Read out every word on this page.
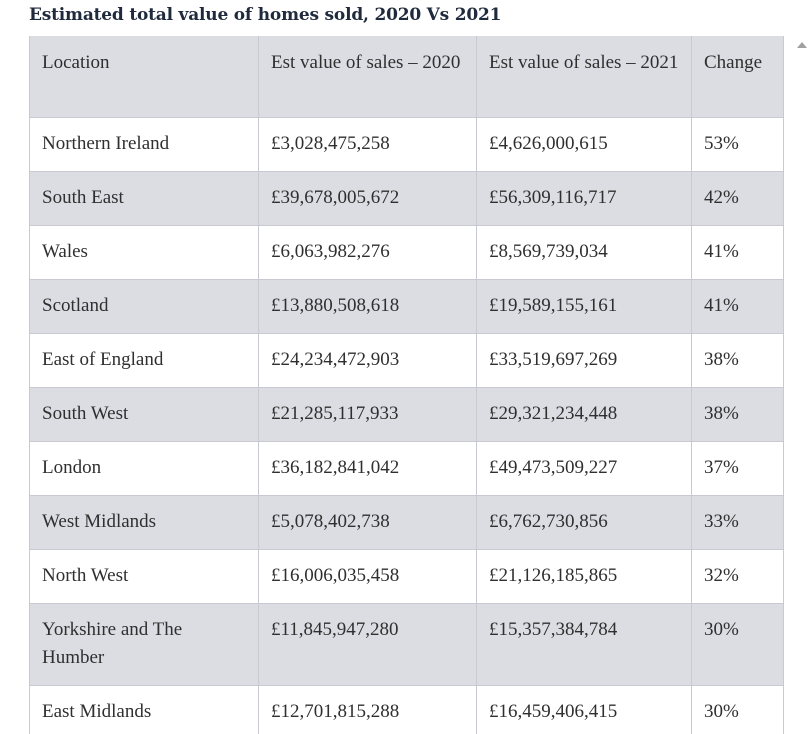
Estimated total value of homes sold, 2020 Vs 2021
Location	Est value of sales – 2020	Est value of sales – 2021	Change
Northern Ireland	£3,028,475,258	£4,626,000,615	53%
South East	£39,678,005,672	£56,309,116,717	42%
Wales	£6,063,982,276	£8,569,739,034	41%
Scotland	£13,880,508,618	£19,589,155,161	41%
East of England	£24,234,472,903	£33,519,697,269	38%
South West	£21,285,117,933	£29,321,234,448	38%
London	£36,182,841,042	£49,473,509,227	37%
West Midlands	£5,078,402,738	£6,762,730,856	33%
North West	£16,006,035,458	£21,126,185,865	32%
Yorkshire and The Humber	£11,845,947,280	£15,357,384,784	30%
East Midlands	£12,701,815,288	£16,459,406,415	30%
